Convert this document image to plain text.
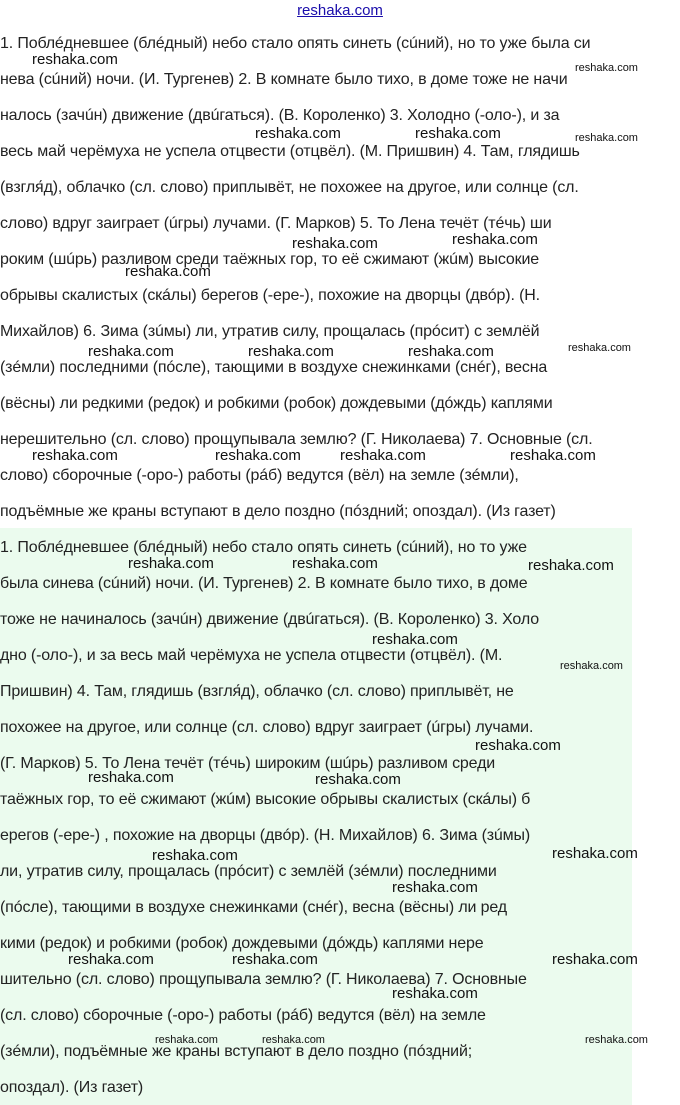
reshaka.com
1. Поблéдневшее (блéдный) небо стало опять синеть (сúний), но то уже была си
нева (сúний) ночи. (И. Тургенев) 2. В комнате было тихо, в доме тоже не начи
налось (зачúн) движение (двúгаться). (В. Короленко) 3. Холодно (-оло-), и за
весь май черёмуха не успела отцвести (отцвёл). (М. Пришвин) 4. Там, глядишь
(взгля́д), облачко (сл. слово) приплывёт, не похожее на другое, или солнце (сл.
слово) вдруг заиграет (úгры) лучами. (Г. Марков) 5. То Лена течёт (тéчь) ши
роким (шúрь) разливом среди таёжных гор, то её сжимают (жúм) высокие
обрывы скалистых (скáлы) берегов (-ере-), похожие на дворцы (двóр). (Н.
Михайлов) 6. Зима (зúмы) ли, утратив силу, прощалась (прóсит) с землёй
(зéмли) последними (пóсле), тающими в воздухе снежинками (снéг), весна
(вёсны) ли редкими (редок) и робкими (робок) дождевыми (дóждь) каплями
нерешительно (сл. слово) прощупывала землю? (Г. Николаева) 7. Основные (сл.
слово) сборочные (-оро-) работы (рáб) ведутся (вёл) на земле (зéмли),
подъёмные же краны вступают в дело поздно (пóздний; опоздал). (Из газет)
reshaka.com	reshaka.com
reshaka.com	reshaka.com	reshaka.com
reshaka.com	reshaka.com
reshaka.com
reshaka.com	reshaka.com	reshaka.com	reshaka.com
reshaka.com	reshaka.com	reshaka.com	reshaka.com
1. Поблéдневшее (блéдный) небо стало опять синеть (сúний), но то уже
была синева (сúний) ночи. (И. Тургенев) 2. В комнате было тихо, в доме
тоже не начиналось (зачúн) движение (двúгаться). (В. Короленко) 3. Холо
дно (-оло-), и за весь май черёмуха не успела отцвести (отцвёл). (М.
Пришвин) 4. Там, глядишь (взгля́д), облачко (сл. слово) приплывёт, не
похожее на другое, или солнце (сл. слово) вдруг заиграет (úгры) лучами.
(Г. Марков) 5. То Лена течёт (тéчь) широким (шúрь) разливом среди
таёжных гор, то её сжимают (жúм) высокие обрывы скалистых (скáлы) б
ерегов (-ере-) , похожие на дворцы (двóр). (Н. Михайлов) 6. Зима (зúмы)
ли, утратив силу, прощалась (прóсит) с землёй (зéмли) последними
(пóсле), тающими в воздухе снежинками (снéг), весна (вёсны) ли ред
кими (редок) и робкими (робок) дождевыми (дóждь) каплями нере
шительно (сл. слово) прощупывала землю? (Г. Николаева) 7. Основные
(сл. слово) сборочные (-оро-) работы (рáб) ведутся (вёл) на земле
(зéмли), подъёмные же краны вступают в дело поздно (пóздний;
опоздал). (Из газет)
reshaka.com	reshaka.com	reshaka.com
reshaka.com
reshaka.com
reshaka.com
reshaka.com	reshaka.com
reshaka.com	reshaka.com
reshaka.com
reshaka.com	reshaka.com	reshaka.com
reshaka.com
reshaka.com	reshaka.com	reshaka.com
